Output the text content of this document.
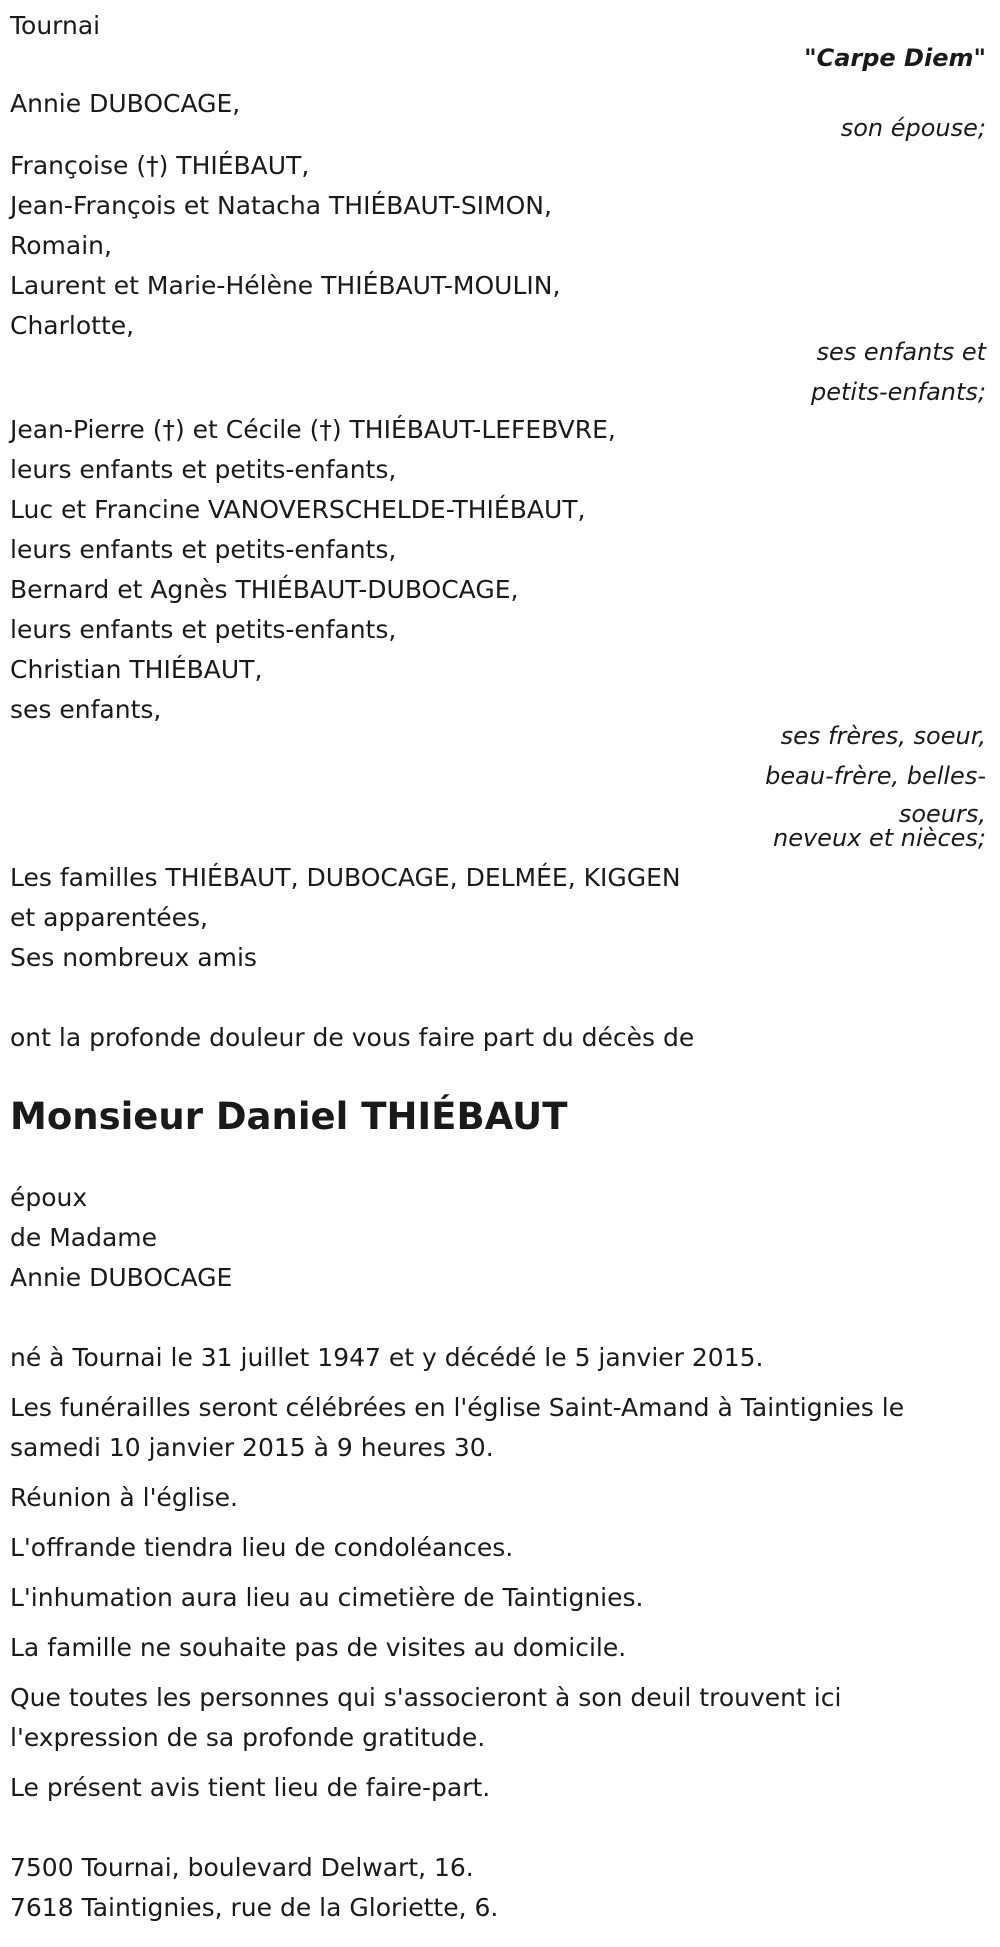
Tournai
"Carpe Diem"
Annie DUBOCAGE,
son épouse;
Françoise (†) THIÉBAUT,
Jean-François et Natacha THIÉBAUT-SIMON,
Romain,
Laurent et Marie-Hélène THIÉBAUT-MOULIN,
Charlotte,
ses enfants et
petits-enfants;
Jean-Pierre (†) et Cécile (†) THIÉBAUT-LEFEBVRE,
leurs enfants et petits-enfants,
Luc et Francine VANOVERSCHELDE-THIÉBAUT,
leurs enfants et petits-enfants,
Bernard et Agnès THIÉBAUT-DUBOCAGE,
leurs enfants et petits-enfants,
Christian THIÉBAUT,
ses enfants,
ses frères, soeur,
beau-frère, belles-
soeurs,
neveux et nièces;
Les familles THIÉBAUT, DUBOCAGE, DELMÉE, KIGGEN
et apparentées,
Ses nombreux amis
ont la profonde douleur de vous faire part du décès de
Monsieur Daniel THIÉBAUT
époux
de Madame
Annie DUBOCAGE
né à Tournai le 31 juillet 1947 et y décédé le 5 janvier 2015.
Les funérailles seront célébrées en l'église Saint-Amand à Taintignies le
samedi 10 janvier 2015 à 9 heures 30.
Réunion à l'église.
L'offrande tiendra lieu de condoléances.
L'inhumation aura lieu au cimetière de Taintignies.
La famille ne souhaite pas de visites au domicile.
Que toutes les personnes qui s'associeront à son deuil trouvent ici
l'expression de sa profonde gratitude.
Le présent avis tient lieu de faire-part.
7500 Tournai, boulevard Delwart, 16.
7618 Taintignies, rue de la Gloriette, 6.
